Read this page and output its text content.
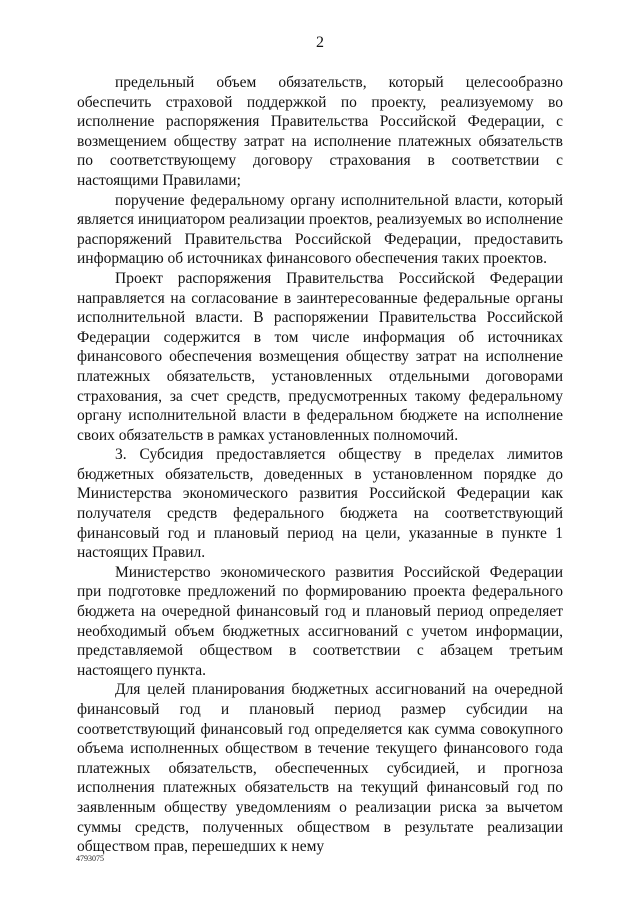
2

предельный объем обязательств, который целесообразно обеспечить страховой поддержкой по проекту, реализуемому во исполнение распоряжения Правительства Российской Федерации, с возмещением обществу затрат на исполнение платежных обязательств по соответствующему договору страхования в соответствии с настоящими Правилами;

поручение федеральному органу исполнительной власти, который является инициатором реализации проектов, реализуемых во исполнение распоряжений Правительства Российской Федерации, предоставить информацию об источниках финансового обеспечения таких проектов.

Проект распоряжения Правительства Российской Федерации направляется на согласование в заинтересованные федеральные органы исполнительной власти. В распоряжении Правительства Российской Федерации содержится в том числе информация об источниках финансового обеспечения возмещения обществу затрат на исполнение платежных обязательств, установленных отдельными договорами страхования, за счет средств, предусмотренных такому федеральному органу исполнительной власти в федеральном бюджете на исполнение своих обязательств в рамках установленных полномочий.

3. Субсидия предоставляется обществу в пределах лимитов бюджетных обязательств, доведенных в установленном порядке до Министерства экономического развития Российской Федерации как получателя средств федерального бюджета на соответствующий финансовый год и плановый период на цели, указанные в пункте 1 настоящих Правил.

Министерство экономического развития Российской Федерации при подготовке предложений по формированию проекта федерального бюджета на очередной финансовый год и плановый период определяет необходимый объем бюджетных ассигнований с учетом информации, представляемой обществом в соответствии с абзацем третьим настоящего пункта.

Для целей планирования бюджетных ассигнований на очередной финансовый год и плановый период размер субсидии на соответствующий финансовый год определяется как сумма совокупного объема исполненных обществом в течение текущего финансового года платежных обязательств, обеспеченных субсидией, и прогноза исполнения платежных обязательств на текущий финансовый год по заявленным обществу уведомлениям о реализации риска за вычетом суммы средств, полученных обществом в результате реализации обществом прав, перешедших к нему

4793075
